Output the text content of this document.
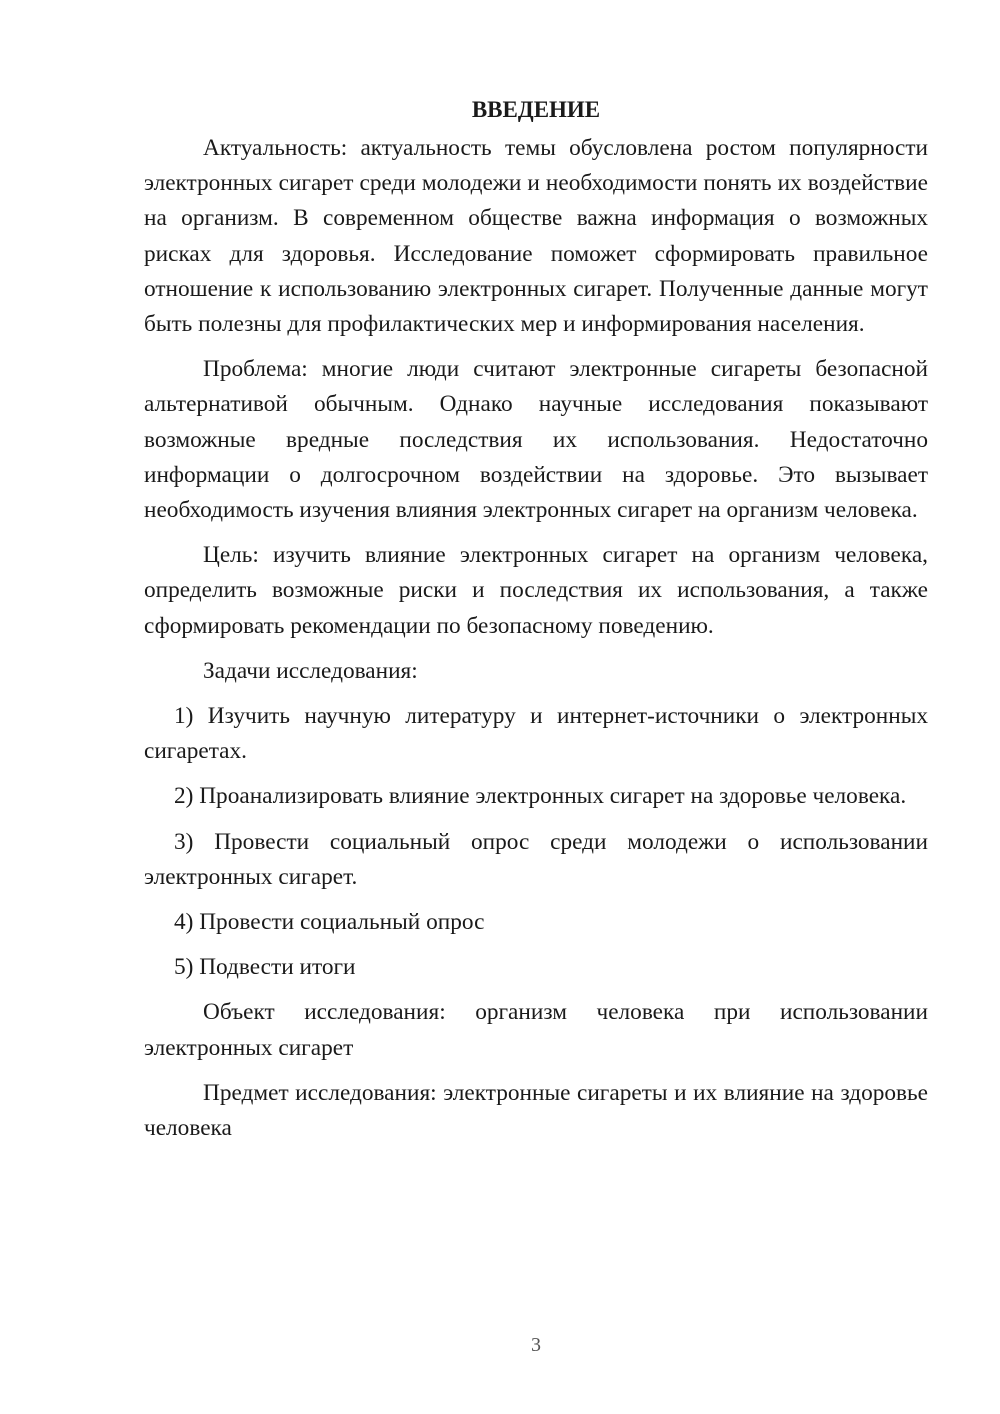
ВВЕДЕНИЕ

Актуальность: актуальность темы обусловлена ростом популярности электронных сигарет среди молодежи и необходимости понять их воздействие на организм. В современном обществе важна информация о возможных рисках для здоровья. Исследование поможет сформировать правильное отношение к использованию электронных сигарет. Полученные данные могут быть полезны для профилактических мер и информирования населения.

Проблема: многие люди считают электронные сигареты безопасной альтернативой обычным. Однако научные исследования показывают возможные вредные последствия их использования. Недостаточно информации о долгосрочном воздействии на здоровье. Это вызывает необходимость изучения влияния электронных сигарет на организм человека.

Цель: изучить влияние электронных сигарет на организм человека, определить возможные риски и последствия их использования, а также сформировать рекомендации по безопасному поведению.

Задачи исследования:

1) Изучить научную литературу и интернет-источники о электронных сигаретах.

2) Проанализировать влияние электронных сигарет на здоровье человека.

3) Провести социальный опрос среди молодежи о использовании электронных сигарет.

4) Провести социальный опрос

5) Подвести итоги

Объект исследования: организм человека при использовании электронных сигарет

Предмет исследования: электронные сигареты и их влияние на здоровье человека

3
